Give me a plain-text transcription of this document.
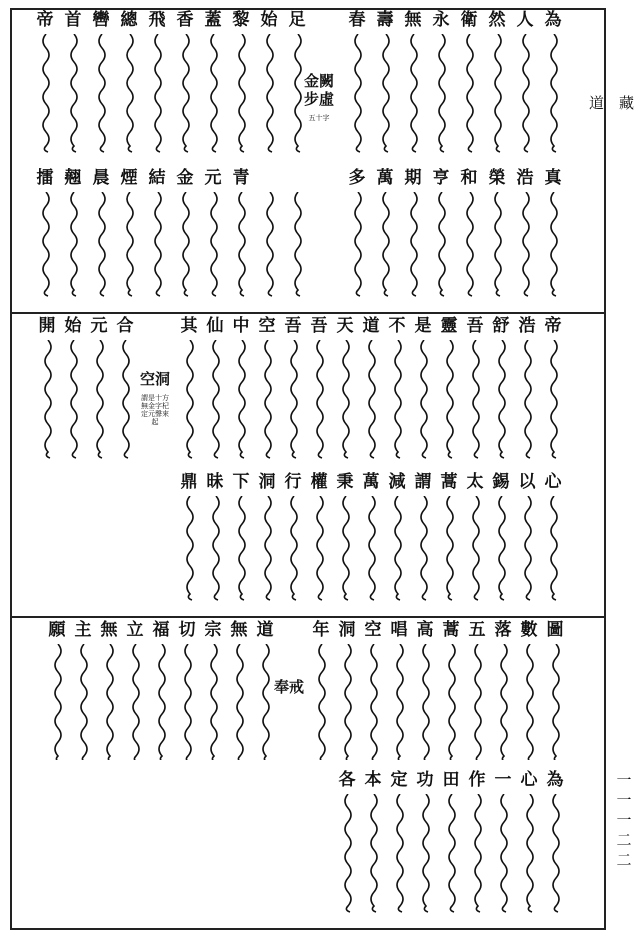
道　藏
一一一二二
金闕步虛
五十字
為
真
人
浩
然
榮
衛
和
永
亨
無
期
壽
萬
春
多
足
始
黎
青
蓋
元
香
金
飛
結
總
煙
轡
晨
首
翹
帝
擂
空洞
謂是十方無金字杞定元聲來起
帝
心
浩
以
舒
錫
吾
太
靈
蒿
是
謂
不
減
道
萬
天
秉
吾
權
吾
行
空
洞
中
下
仙
昧
其
鼎
合
元
始
開
奉戒
圖
為
數
心
落
一
五
作
蒿
田
高
功
唱
定
空
本
洞
各
年
道
無
宗
切
福
立
無
主
願
